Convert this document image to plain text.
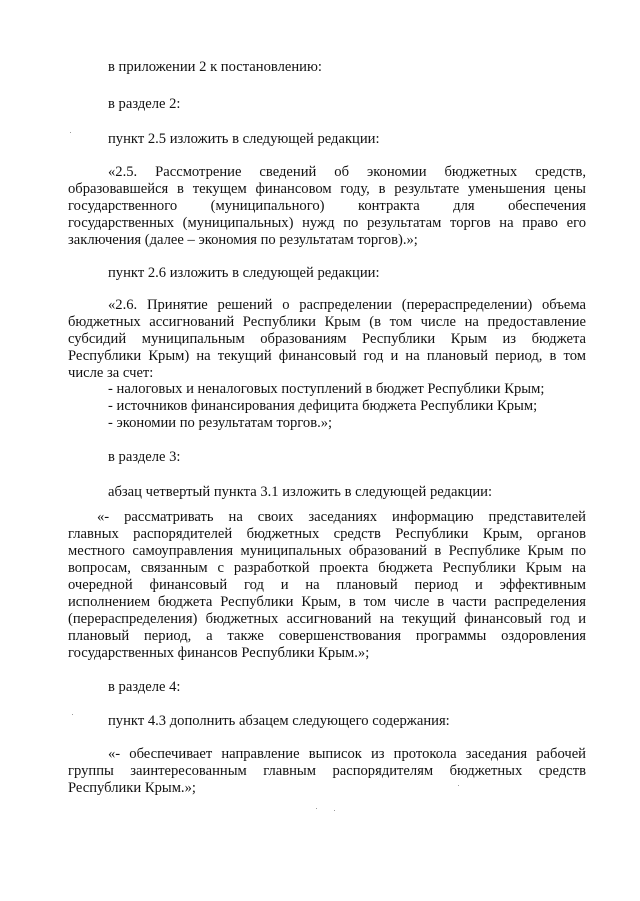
в приложении 2 к постановлению:
в разделе 2:
пункт 2.5 изложить в следующей редакции:
«2.5. Рассмотрение сведений об экономии бюджетных средств,
образовавшейся в текущем финансовом году, в результате уменьшения цены
государственного (муниципального) контракта для обеспечения
государственных (муниципальных) нужд по результатам торгов на право его
заключения (далее – экономия по результатам торгов).»;
пункт 2.6 изложить в следующей редакции:
«2.6. Принятие решений о распределении (перераспределении) объема
бюджетных ассигнований Республики Крым (в том числе на предоставление
субсидий муниципальным образованиям Республики Крым из бюджета
Республики Крым) на текущий финансовый год и на плановый период, в том
числе за счет:
- налоговых и неналоговых поступлений в бюджет Республики Крым;
- источников финансирования дефицита бюджета Республики Крым;
- экономии по результатам торгов.»;
в разделе 3:
абзац четвертый пункта 3.1 изложить в следующей редакции:
«- рассматривать на своих заседаниях информацию представителей
главных распорядителей бюджетных средств Республики Крым, органов
местного самоуправления муниципальных образований в Республике Крым по
вопросам, связанным с разработкой проекта бюджета Республики Крым на
очередной финансовый год и на плановый период и эффективным
исполнением бюджета Республики Крым, в том числе в части распределения
(перераспределения) бюджетных ассигнований на текущий финансовый год и
плановый период, а также совершенствования программы оздоровления
государственных финансов Республики Крым.»;
в разделе 4:
пункт 4.3 дополнить абзацем следующего содержания:
«- обеспечивает направление выписок из протокола заседания рабочей
группы заинтересованным главным распорядителям бюджетных средств
Республики Крым.»;
